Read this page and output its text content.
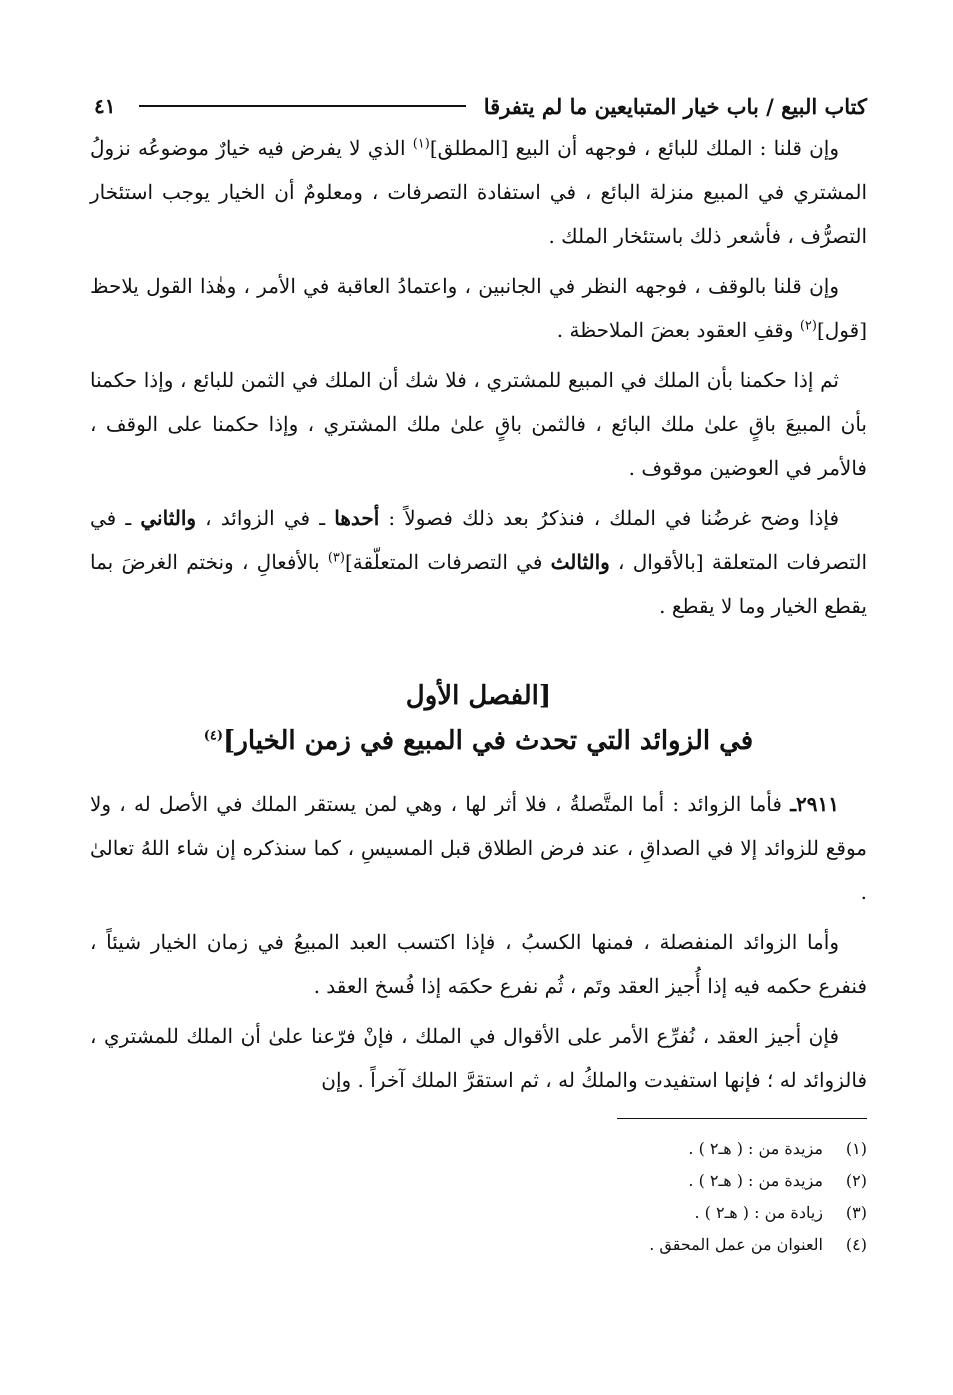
كتاب البيع / باب خيار المتبايعين ما لم يتفرقا
٤١

وإن قلنا : الملك للبائع ، فوجهه أن البيع [المطلق]$^{(١)}$ الذي لا يفرض فيه خيارٌ موضوعُه نزولُ المشتري في المبيع منزلة البائع ، في استفادة التصرفات ، ومعلومٌ أن الخيار يوجب استئخار التصرُّف ، فأشعر ذلك باستئخار الملك .

وإن قلنا بالوقف ، فوجهه النظر في الجانبين ، واعتمادُ العاقبة في الأمر ، وهٰذا القول يلاحظ [قول]$^{(٢)}$ وقفِ العقود بعضَ الملاحظة .

ثم إذا حكمنا بأن الملك في المبيع للمشتري ، فلا شك أن الملك في الثمن للبائع ، وإذا حكمنا بأن المبيعَ باقٍ علىٰ ملك البائع ، فالثمن باقٍ علىٰ ملك المشتري ، وإذا حكمنا على الوقف ، فالأمر في العوضين موقوف .

فإذا وضح غرضُنا في الملك ، فنذكرُ بعد ذلك فصولاً : أحدها ـ في الزوائد ، والثاني ـ في التصرفات المتعلقة [بالأقوال ، والثالث في التصرفات المتعلّقة]$^{(٣)}$ بالأفعالِ ، ونختم الغرضَ بما يقطع الخيار وما لا يقطع .

[الفصل الأول
في الزوائد التي تحدث في المبيع في زمن الخيار]$^{(٤)}$

٢٩١١ـ فأما الزوائد : أما المتَّصلةُ ، فلا أثر لها ، وهي لمن يستقر الملك في الأصل له ، ولا موقع للزوائد إلا في الصداقِ ، عند فرض الطلاق قبل المسيسِ ، كما سنذكره إن شاء اللهُ تعالىٰ .

وأما الزوائد المنفصلة ، فمنها الكسبُ ، فإذا اكتسب العبد المبيعُ في زمان الخيار شيئاً ، فنفرع حكمه فيه إذا أُجيز العقد وتَم ، ثُم نفرع حكمَه إذا فُسخ العقد .

فإن أجيز العقد ، نُفرِّع الأمر على الأقوال في الملك ، فإنْ فرّعنا علىٰ أن الملك للمشتري ، فالزوائد له ؛ فإنها استفيدت والملكُ له ، ثم استقرَّ الملك آخراً . وإن

(١)
مزيدة من : ( هـ٢ ) .
(٢)
مزيدة من : ( هـ٢ ) .
(٣)
زيادة من : ( هـ٢ ) .
(٤)
العنوان من عمل المحقق .
